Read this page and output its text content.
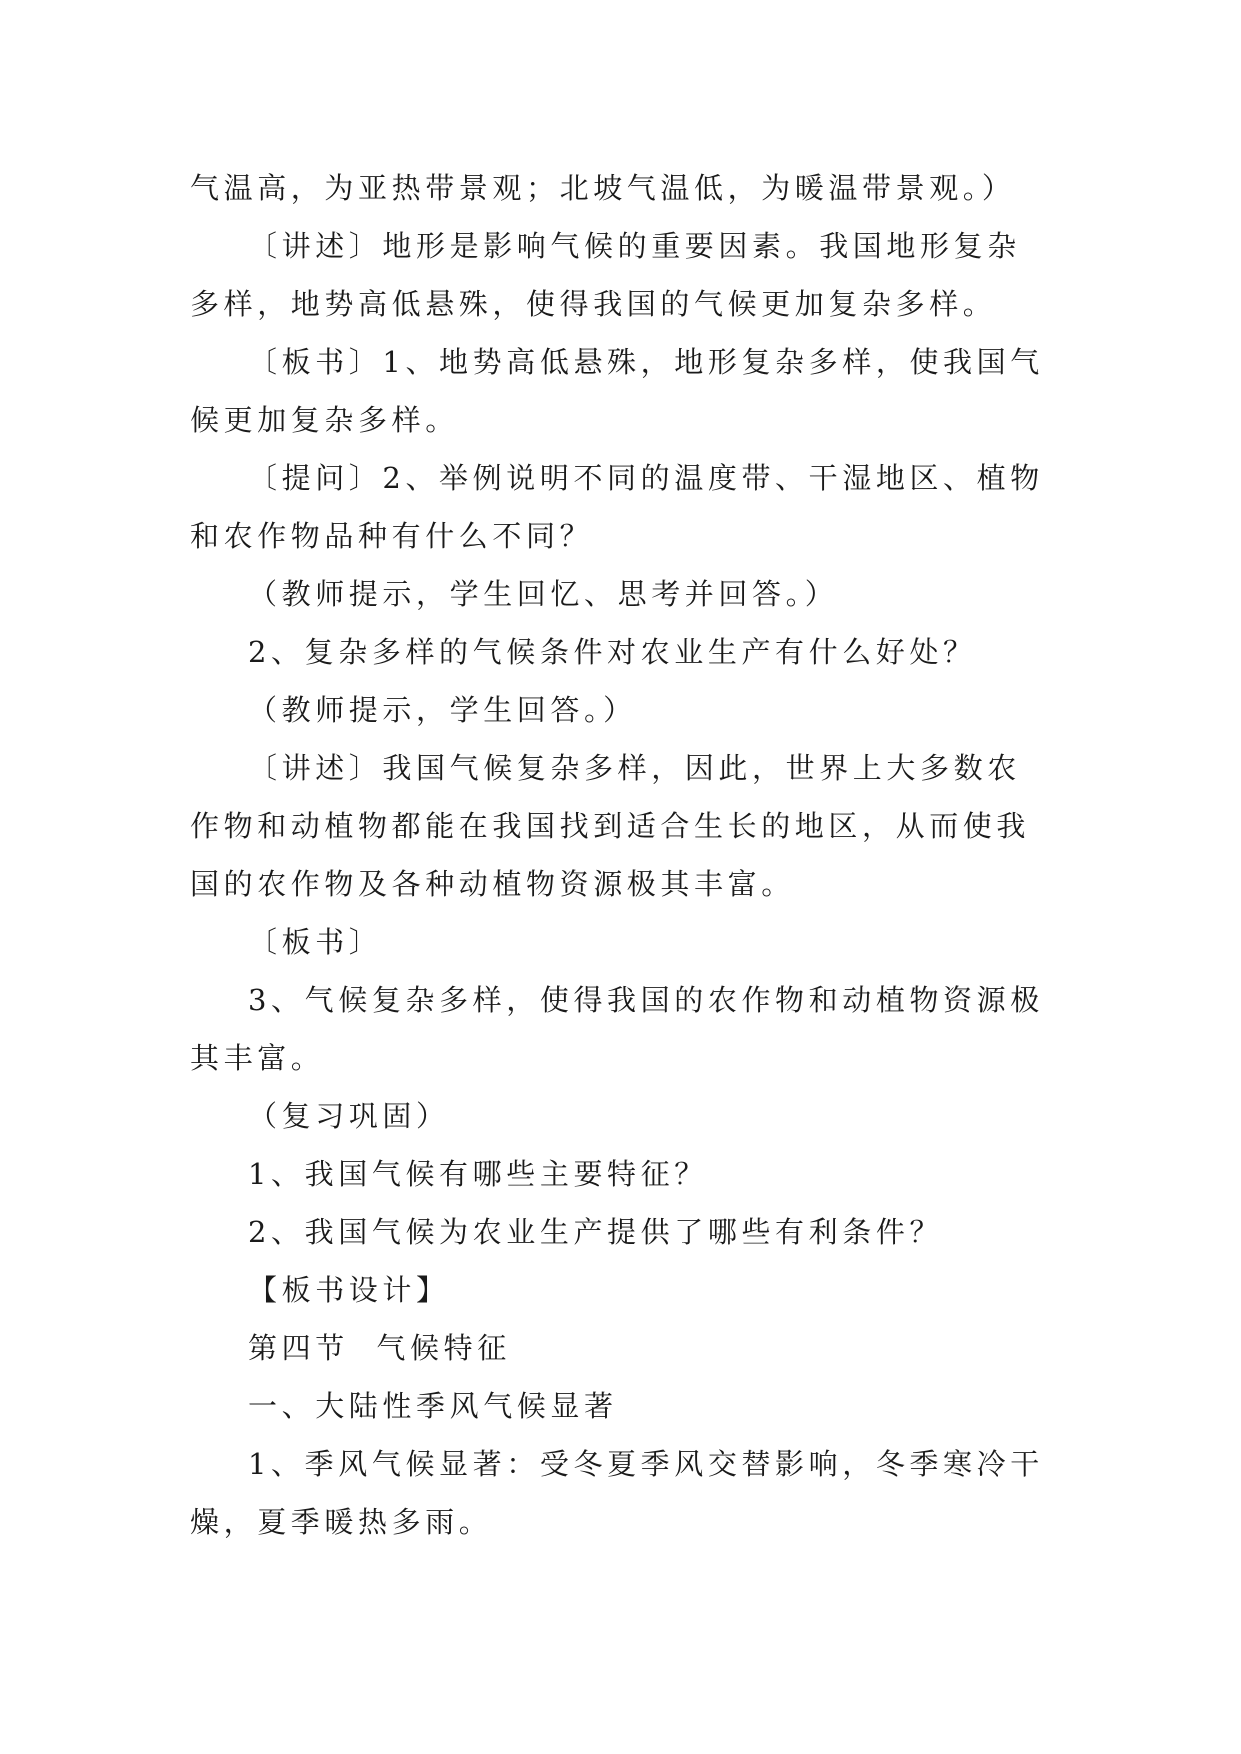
气温高，为亚热带景观；北坡气温低，为暖温带景观。）

〔讲述〕地形是影响气候的重要因素。我国地形复杂多样，地势高低悬殊，使得我国的气候更加复杂多样。

〔板书〕1、地势高低悬殊，地形复杂多样，使我国气候更加复杂多样。

〔提问〕2、举例说明不同的温度带、干湿地区、植物和农作物品种有什么不同？

（教师提示，学生回忆、思考并回答。）

2、复杂多样的气候条件对农业生产有什么好处？

（教师提示，学生回答。）

〔讲述〕我国气候复杂多样，因此，世界上大多数农作物和动植物都能在我国找到适合生长的地区，从而使我国的农作物及各种动植物资源极其丰富。

〔板书〕

3、气候复杂多样，使得我国的农作物和动植物资源极其丰富。

（复习巩固）

1、我国气候有哪些主要特征？

2、我国气候为农业生产提供了哪些有利条件？

【板书设计】

第四节  气候特征

一、大陆性季风气候显著

1、季风气候显著：受冬夏季风交替影响，冬季寒冷干燥，夏季暖热多雨。
